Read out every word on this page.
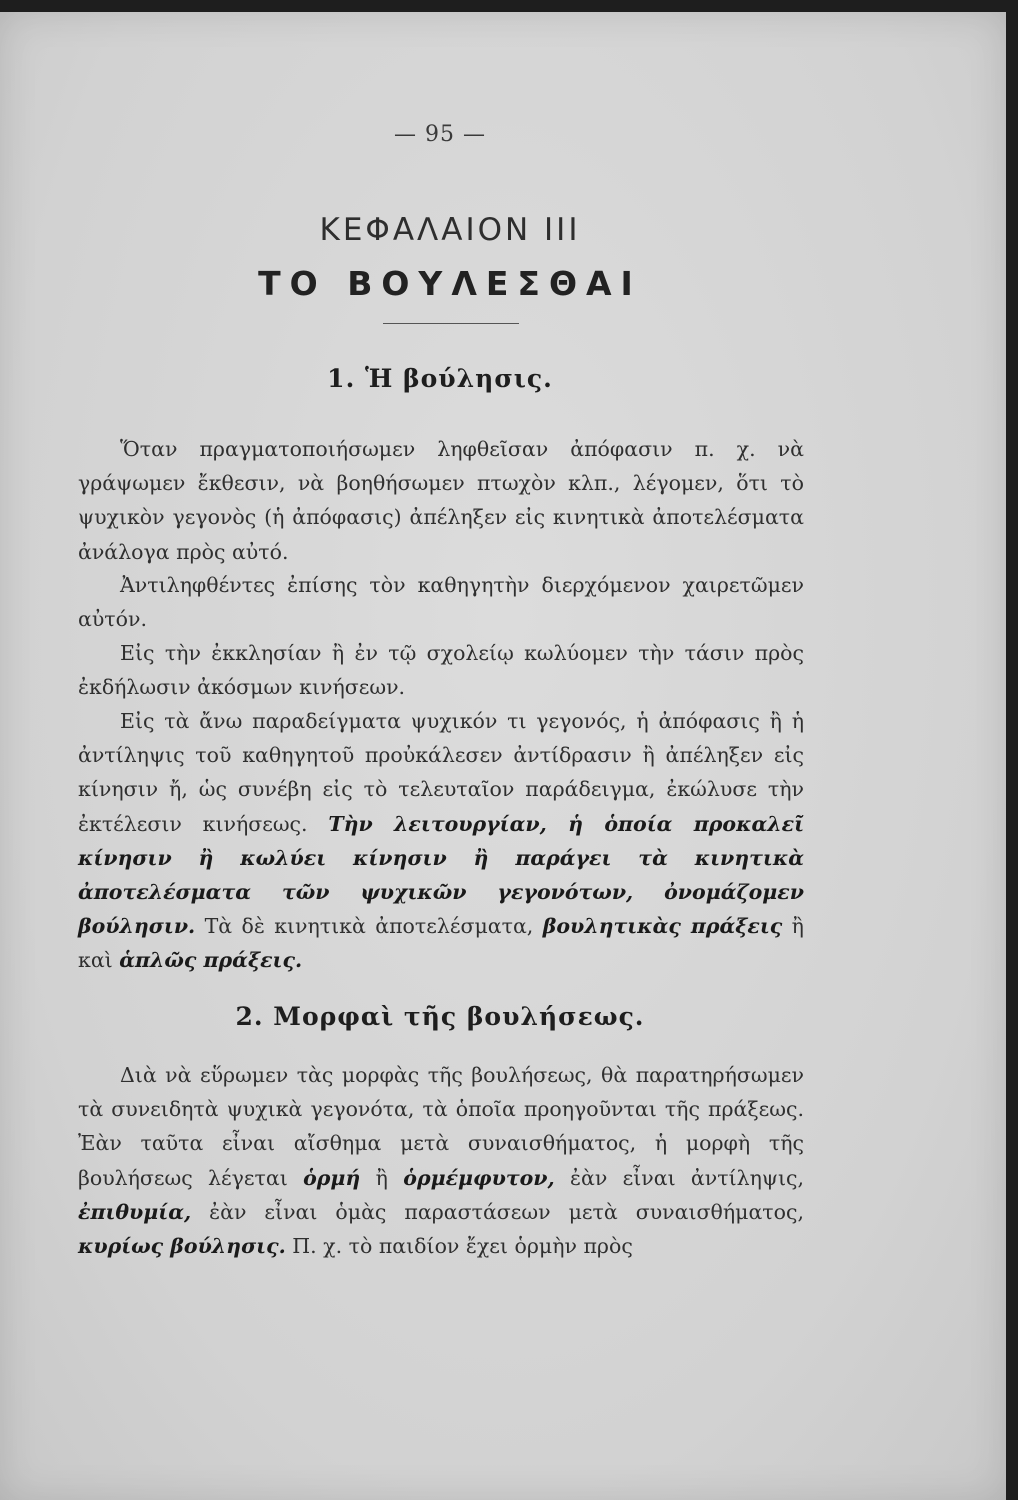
— 95 —
ΚΕΦΑΛΑΙΟΝ III
ΤΟ ΒΟΥΛΕΣΘΑΙ
1. Ἡ βούλησις.

Ὅταν πραγματοποιήσωμεν ληφθεῖσαν ἀπόφασιν π. χ. νὰ γράψωμεν ἔκθεσιν, νὰ βοηθήσωμεν πτωχὸν κλπ., λέγομεν, ὅτι τὸ ψυχικὸν γεγονὸς (ἡ ἀπόφασις) ἀπέληξεν εἰς κινητικὰ ἀποτελέσματα ἀνάλογα πρὸς αὐτό.

Ἀντιληφθέντες ἐπίσης τὸν καθηγητὴν διερχόμενον χαιρετῶμεν αὐτόν.

Εἰς τὴν ἐκκλησίαν ἢ ἐν τῷ σχολείῳ κωλύομεν τὴν τάσιν πρὸς ἐκδήλωσιν ἀκόσμων κινήσεων.

Εἰς τὰ ἄνω παραδείγματα ψυχικόν τι γεγονός, ἡ ἀπόφασις ἢ ἡ ἀντίληψις τοῦ καθηγητοῦ προὐκάλεσεν ἀντίδρασιν ἢ ἀπέληξεν εἰς κίνησιν ἤ, ὡς συνέβη εἰς τὸ τελευταῖον παράδειγμα, ἐκώλυσε τὴν ἐκτέλεσιν κινήσεως. Τὴν λειτουργίαν, ἡ ὁποία προκαλεῖ κίνησιν ἢ κωλύει κίνησιν ἢ παράγει τὰ κινητικὰ ἀποτελέσματα τῶν ψυχικῶν γεγονότων, ὀνομάζομεν βούλησιν. Τὰ δὲ κινητικὰ ἀποτελέσματα, βουλητικὰς πράξεις ἢ καὶ ἁπλῶς πράξεις.

2. Μορφαὶ τῆς βουλήσεως.

Διὰ νὰ εὕρωμεν τὰς μορφὰς τῆς βουλήσεως, θὰ παρατηρήσωμεν τὰ συνειδητὰ ψυχικὰ γεγονότα, τὰ ὁποῖα προηγοῦνται τῆς πράξεως. Ἐὰν ταῦτα εἶναι αἴσθημα μετὰ συναισθήματος, ἡ μορφὴ τῆς βουλήσεως λέγεται ὁρμή ἢ ὁρμέμφυτον, ἐὰν εἶναι ἀντίληψις, ἐπιθυμία, ἐὰν εἶναι ὁμὰς παραστάσεων μετὰ συναισθήματος, κυρίως βούλησις. Π. χ. τὸ παιδίον ἔχει ὁρμὴν πρὸς
